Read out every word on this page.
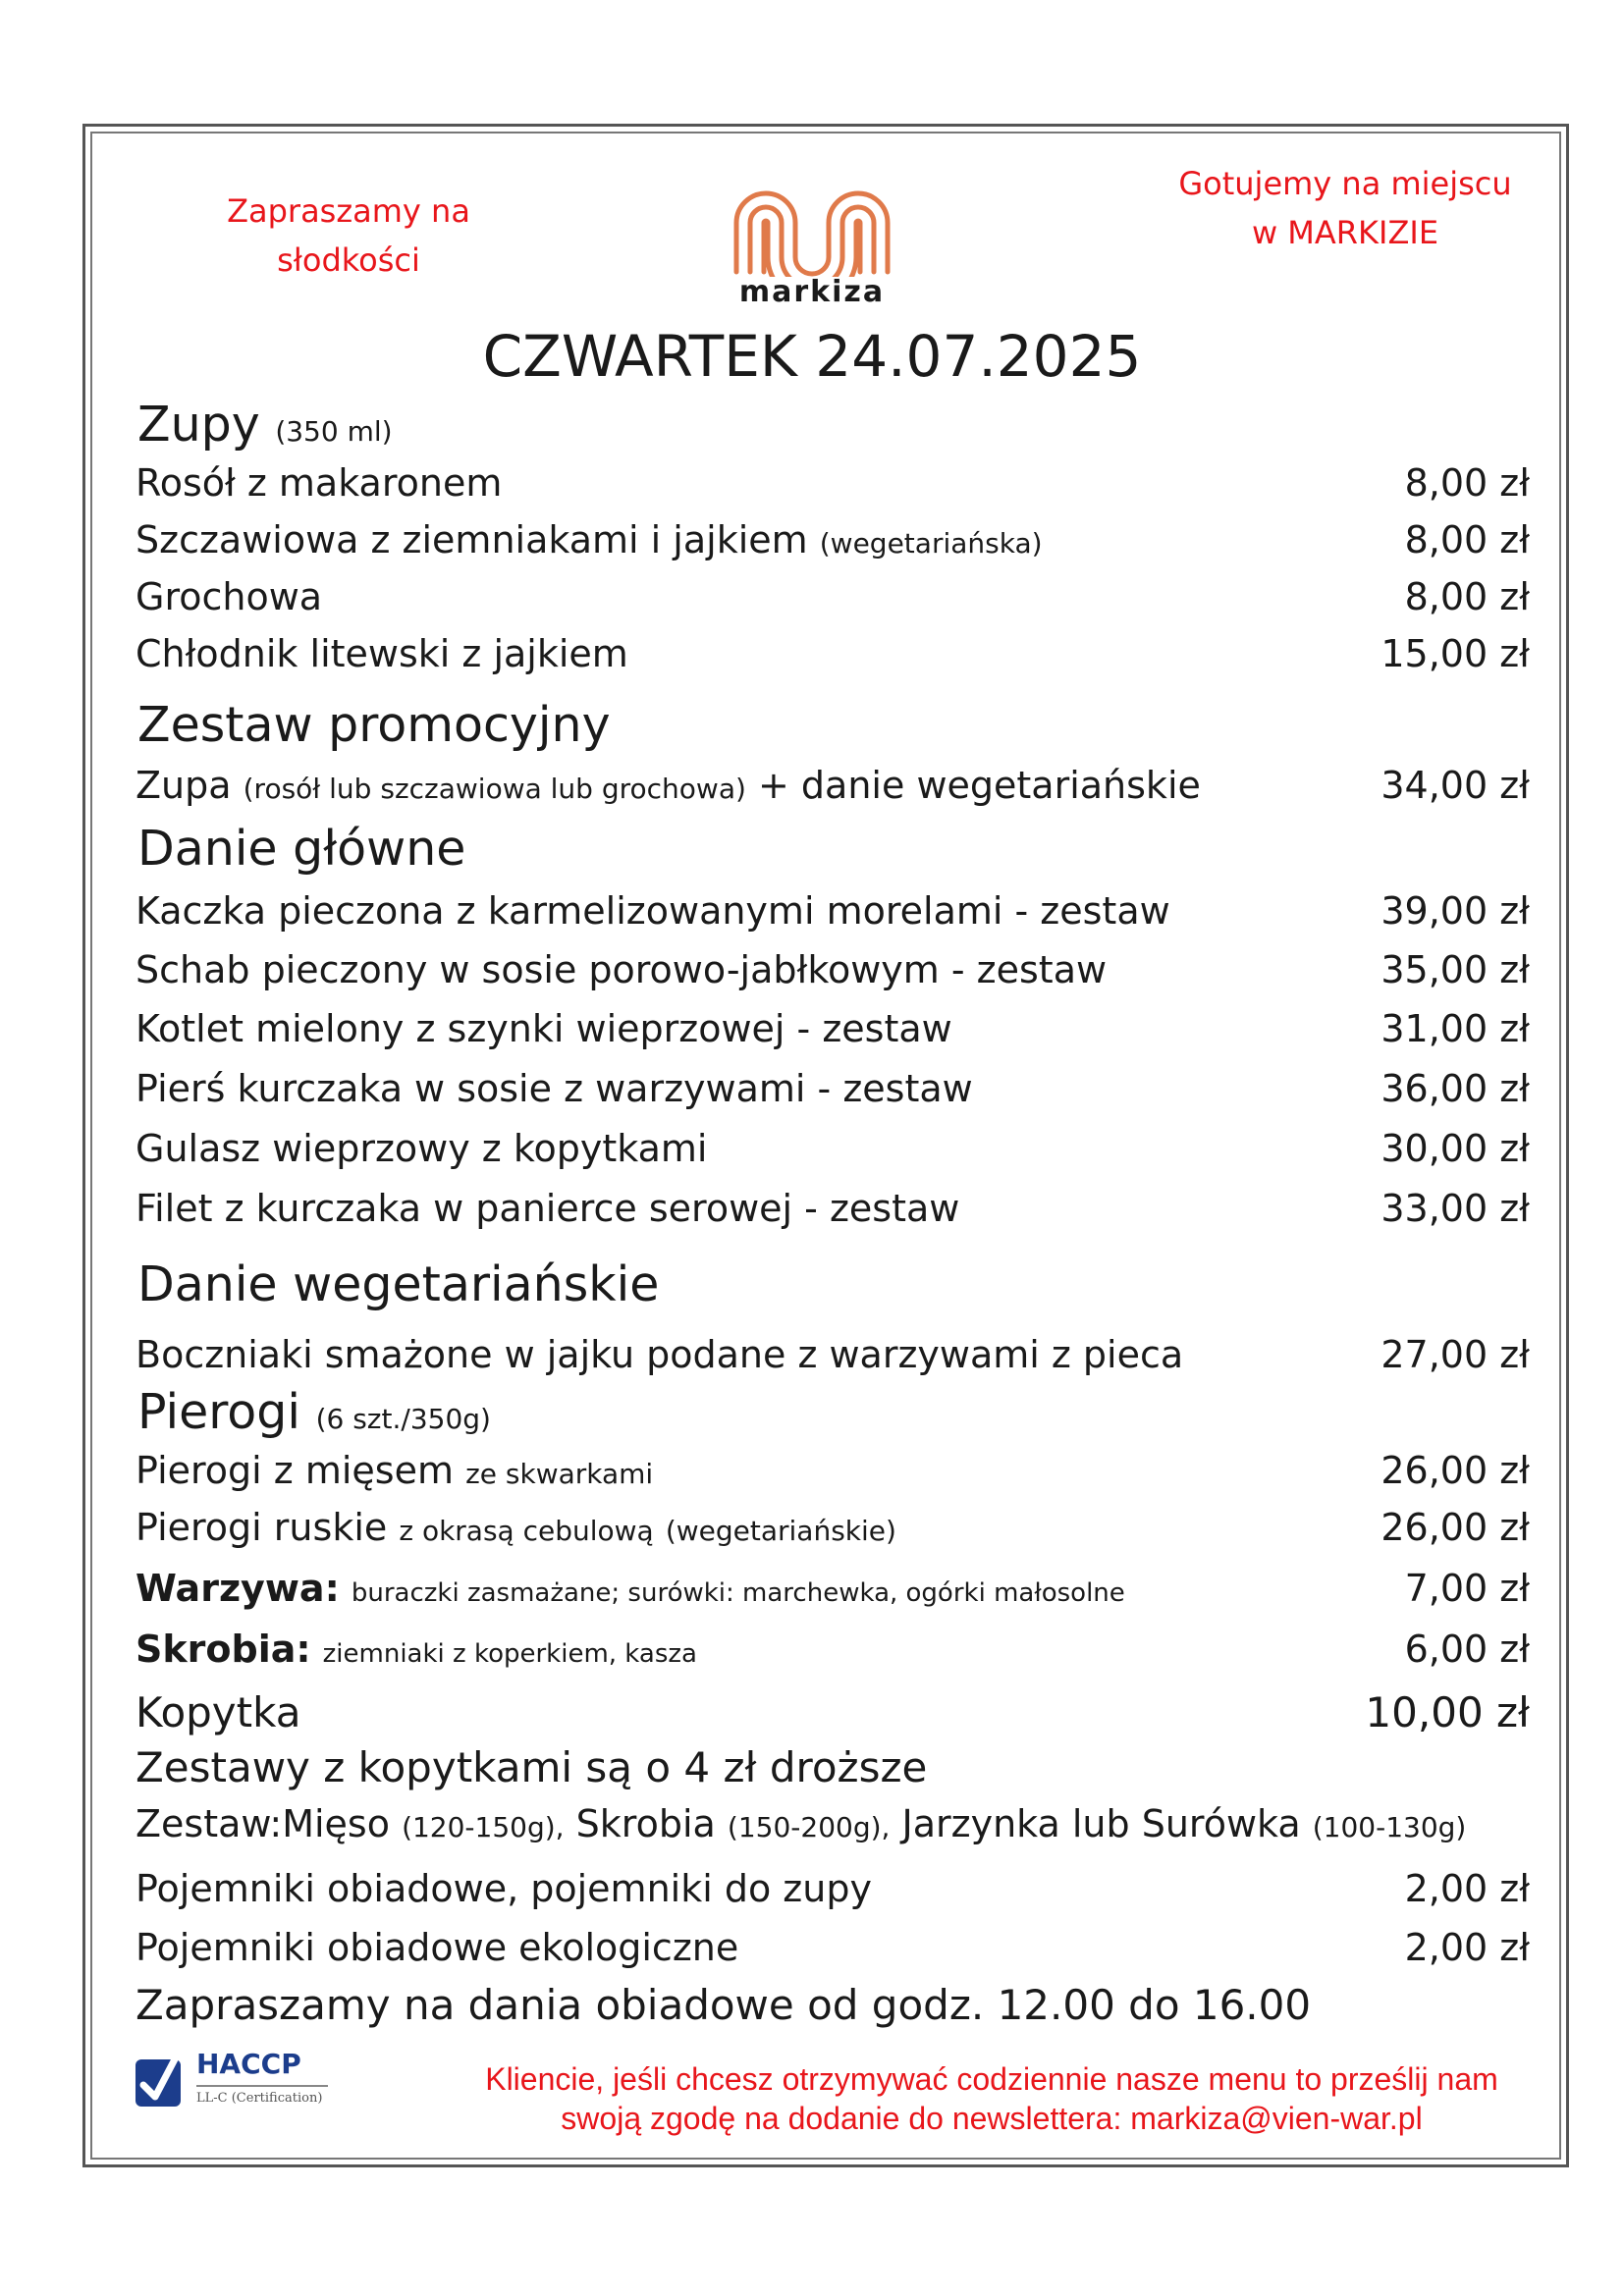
Zapraszamy na
słodkości
Gotujemy na miejscu
w MARKIZIE
markiza
CZWARTEK 24.07.2025
Zupy (350 ml)
Rosół z makaronem	8,00 zł
Szczawiowa z ziemniakami i jajkiem (wegetariańska)	8,00 zł
Grochowa	8,00 zł
Chłodnik litewski z jajkiem	15,00 zł
Zestaw promocyjny
Zupa (rosół lub szczawiowa lub grochowa) + danie wegetariańskie	34,00 zł
Danie główne
Kaczka pieczona z karmelizowanymi morelami - zestaw	39,00 zł
Schab pieczony w sosie porowo-jabłkowym - zestaw	35,00 zł
Kotlet mielony z szynki wieprzowej - zestaw	31,00 zł
Pierś kurczaka w sosie z warzywami - zestaw	36,00 zł
Gulasz wieprzowy z kopytkami	30,00 zł
Filet z kurczaka w panierce serowej - zestaw	33,00 zł
Danie wegetariańskie
Boczniaki smażone w jajku podane z warzywami z pieca	27,00 zł
Pierogi (6 szt./350g)
Pierogi z mięsem ze skwarkami	26,00 zł
Pierogi ruskie z okrasą cebulową (wegetariańskie)	26,00 zł
Warzywa: buraczki zasmażane; surówki: marchewka, ogórki małosolne	7,00 zł
Skrobia: ziemniaki z koperkiem, kasza	6,00 zł
Kopytka	10,00 zł
Zestawy z kopytkami są o 4 zł droższe
Zestaw:Mięso (120-150g), Skrobia (150-200g), Jarzynka lub Surówka (100-130g)
Pojemniki obiadowe, pojemniki do zupy	2,00 zł
Pojemniki obiadowe ekologiczne	2,00 zł
Zapraszamy na dania obiadowe od godz. 12.00 do 16.00
HACCP
LL-C (Certification)
Kliencie, jeśli chcesz otrzymywać codziennie nasze menu to prześlij nam
swoją zgodę na dodanie do newslettera: markiza@vien-war.pl
